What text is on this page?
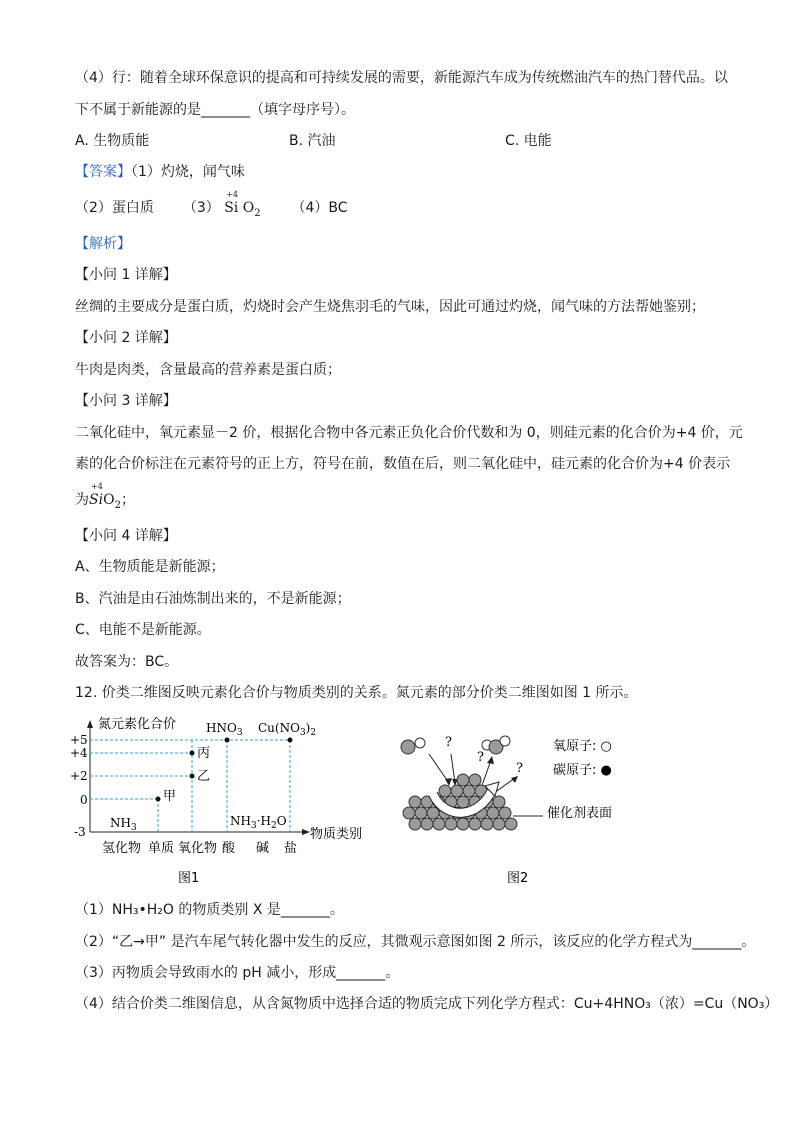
（4）行：随着全球环保意识的提高和可持续发展的需要，新能源汽车成为传统燃油汽车的热门替代品。以
下不属于新能源的是_______（填字母序号）。
A. 生物质能	B. 汽油	C. 电能
【答案】（1）灼烧，闻气味
（2）蛋白质 （3）
+4
Si $O_2$ （4）BC
【解析】
【小问 1 详解】
丝绸的主要成分是蛋白质，灼烧时会产生烧焦羽毛的气味，因此可通过灼烧，闻气味的方法帮她鉴别；
【小问 2 详解】
牛肉是肉类，含量最高的营养素是蛋白质；
【小问 3 详解】
二氧化硅中，氧元素显－2 价，根据化合物中各元素正负化合价代数和为 0，则硅元素的化合价为+4 价，元
素的化合价标注在元素符号的正上方，符号在前，数值在后，则二氧化硅中，硅元素的化合价为+4 价表示
为
+4
SiO$_2$；
【小问 4 详解】
A、生物质能是新能源；
B、汽油是由石油炼制出来的，不是新能源；
C、电能不是新能源。
故答案为：BC。
12. 价类二维图反映元素化合价与物质类别的关系。氮元素的部分价类二维图如图 1 所示。
氮元素化合价
物质类别
+5
+4
+2
0
-3
甲
乙
丙
$HNO_3$ $Cu(NO_3)_2$
$NH_3$	$NH_3\cdot H_2O$
氢化物 单质 氧化物 酸 碱 盐
图1
?
?
?
催化剂表面
氧原子: ○
碳原子: ●
图2
（1）NH₃•H₂O 的物质类别 X 是_______。
（2）“乙→甲” 是汽车尾气转化器中发生的反应，其微观示意图如图 2 所示，该反应的化学方程式为_______。
（3）丙物质会导致雨水的 pH 减小，形成_______。
（4）结合价类二维图信息，从含氮物质中选择合适的物质完成下列化学方程式：Cu+4HNO₃（浓）=Cu（NO₃）
